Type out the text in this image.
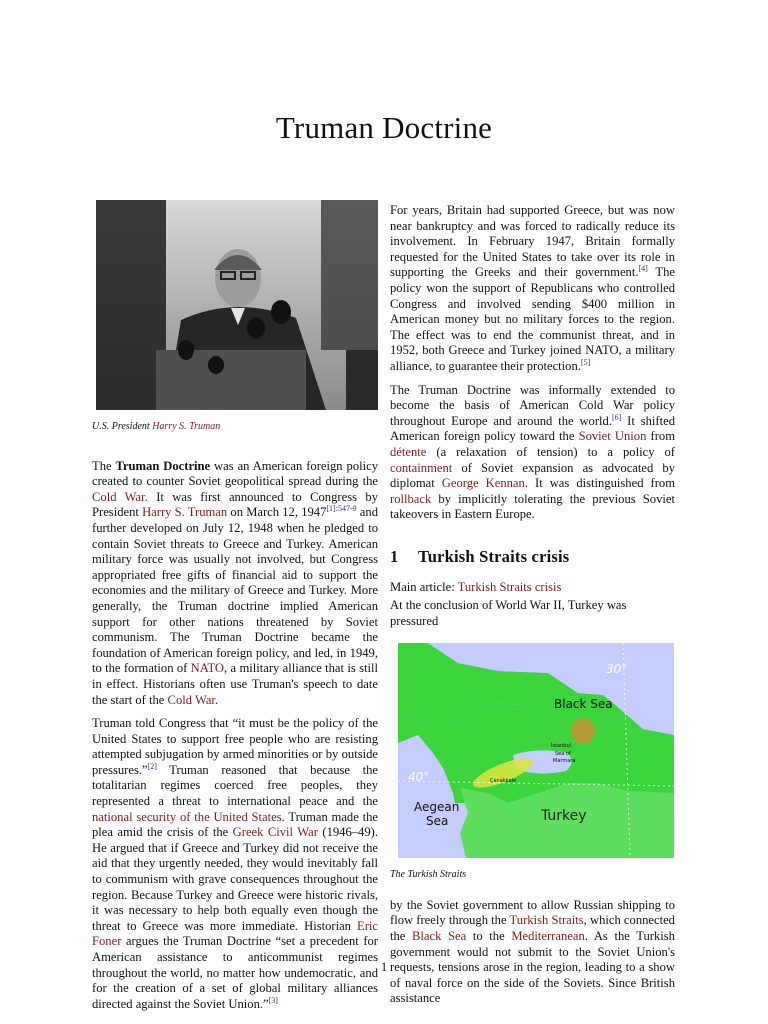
Truman Doctrine
U.S. President Harry S. Truman

The Truman Doctrine was an American foreign policy created to counter Soviet geopolitical spread during the Cold War. It was first announced to Congress by President Harry S. Truman on March 12, $1947^{[1]:547-9}$ and further developed on July 12, 1948 when he pledged to contain Soviet threats to Greece and Turkey. American military force was usually not involved, but Congress appropriated free gifts of financial aid to support the economies and the military of Greece and Turkey. More generally, the Truman doctrine implied American support for other nations threatened by Soviet communism. The Truman Doctrine became the foundation of American foreign policy, and led, in 1949, to the formation of NATO, a military alliance that is still in effect. Historians often use Truman's speech to date the start of the Cold War.

Truman told Congress that “it must be the policy of the United States to support free people who are resisting attempted subjugation by armed minorities or by outside pressures.”[2] Truman reasoned that because the totalitarian regimes coerced free peoples, they represented a threat to international peace and the national security of the United States. Truman made the plea amid the crisis of the Greek Civil War (1946–49). He argued that if Greece and Turkey did not receive the aid that they urgently needed, they would inevitably fall to communism with grave consequences throughout the region. Because Turkey and Greece were historic rivals, it was necessary to help both equally even though the threat to Greece was more immediate. Historian Eric Foner argues the Truman Doctrine “set a precedent for American assistance to anticommunist regimes throughout the world, no matter how undemocratic, and for the creation of a set of global military alliances directed against the Soviet Union.”[3]

For years, Britain had supported Greece, but was now near bankruptcy and was forced to radically reduce its involvement. In February 1947, Britain formally requested for the United States to take over its role in supporting the Greeks and their government.[4] The policy won the support of Republicans who controlled Congress and involved sending $400 million in American money but no military forces to the region. The effect was to end the communist threat, and in 1952, both Greece and Turkey joined NATO, a military alliance, to guarantee their protection.[5]

The Truman Doctrine was informally extended to become the basis of American Cold War policy throughout Europe and around the world.[6] It shifted American foreign policy toward the Soviet Union from détente (a relaxation of tension) to a policy of containment of Soviet expansion as advocated by diplomat George Kennan. It was distinguished from rollback by implicitly tolerating the previous Soviet takeovers in Eastern Europe.

1 Turkish Straits crisis
Main article: Turkish Straits crisis
At the conclusion of World War II, Turkey was pressured
Black Sea
Aegean
Sea	Turkey
İstanbul
Sea of
Marmara
Çanakkale
30°
40°
The Turkish Straits

by the Soviet government to allow Russian shipping to flow freely through the Turkish Straits, which connected the Black Sea to the Mediterranean. As the Turkish government would not submit to the Soviet Union's requests, tensions arose in the region, leading to a show of naval force on the side of the Soviets. Since British assistance

1
